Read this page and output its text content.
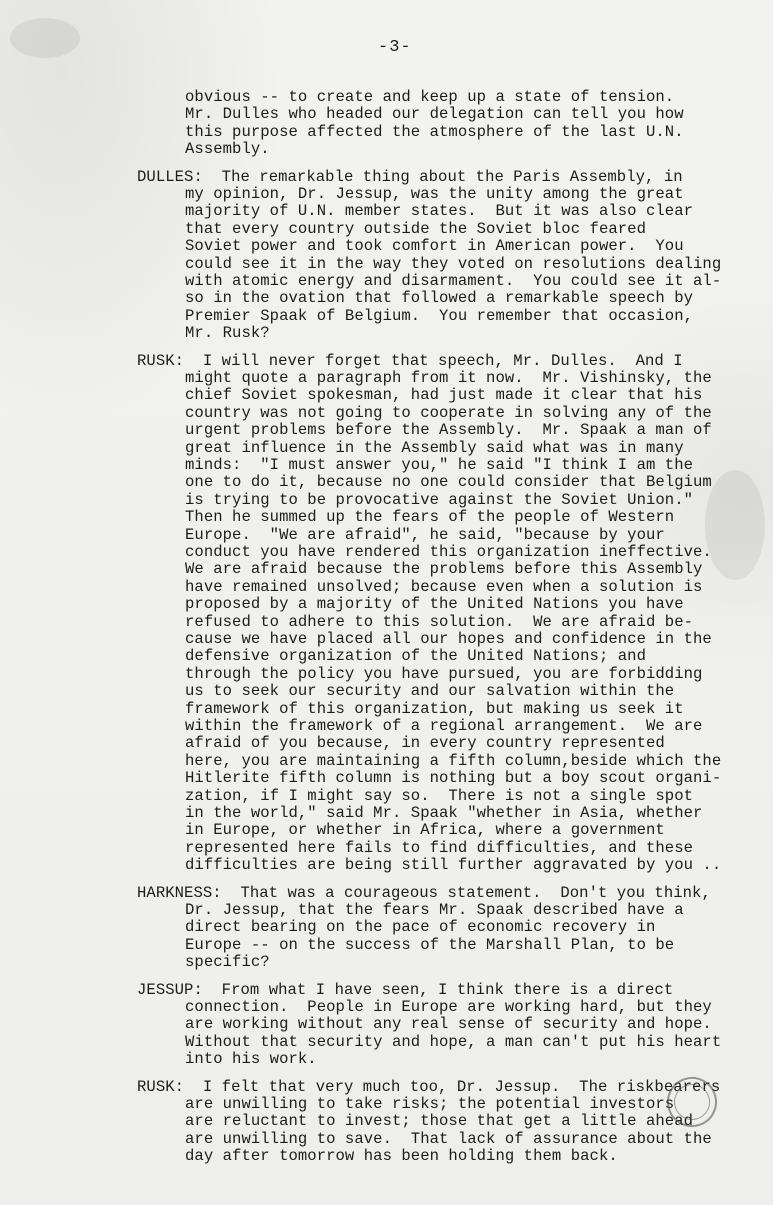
-3-
obvious -- to create and keep up a state of tension.
Mr. Dulles who headed our delegation can tell you how
this purpose affected the atmosphere of the last U.N.
Assembly.
DULLES:  The remarkable thing about the Paris Assembly, in
my opinion, Dr. Jessup, was the unity among the great
majority of U.N. member states.  But it was also clear
that every country outside the Soviet bloc feared
Soviet power and took comfort in American power.  You
could see it in the way they voted on resolutions dealing
with atomic energy and disarmament.  You could see it al-
so in the ovation that followed a remarkable speech by
Premier Spaak of Belgium.  You remember that occasion,
Mr. Rusk?
RUSK:  I will never forget that speech, Mr. Dulles.  And I
might quote a paragraph from it now.  Mr. Vishinsky, the
chief Soviet spokesman, had just made it clear that his
country was not going to cooperate in solving any of the
urgent problems before the Assembly.  Mr. Spaak a man of
great influence in the Assembly said what was in many
minds:  "I must answer you," he said "I think I am the
one to do it, because no one could consider that Belgium
is trying to be provocative against the Soviet Union."
Then he summed up the fears of the people of Western
Europe.  "We are afraid", he said, "because by your
conduct you have rendered this organization ineffective.
We are afraid because the problems before this Assembly
have remained unsolved; because even when a solution is
proposed by a majority of the United Nations you have
refused to adhere to this solution.  We are afraid be-
cause we have placed all our hopes and confidence in the
defensive organization of the United Nations; and
through the policy you have pursued, you are forbidding
us to seek our security and our salvation within the
framework of this organization, but making us seek it
within the framework of a regional arrangement.  We are
afraid of you because, in every country represented
here, you are maintaining a fifth column,beside which the
Hitlerite fifth column is nothing but a boy scout organi-
zation, if I might say so.  There is not a single spot
in the world," said Mr. Spaak "whether in Asia, whether
in Europe, or whether in Africa, where a government
represented here fails to find difficulties, and these
difficulties are being still further aggravated by you ..
HARKNESS:  That was a courageous statement.  Don't you think,
Dr. Jessup, that the fears Mr. Spaak described have a
direct bearing on the pace of economic recovery in
Europe -- on the success of the Marshall Plan, to be
specific?
JESSUP:  From what I have seen, I think there is a direct
connection.  People in Europe are working hard, but they
are working without any real sense of security and hope.
Without that security and hope, a man can't put his heart
into his work.
RUSK:  I felt that very much too, Dr. Jessup.  The riskbearers
are unwilling to take risks; the potential investors
are reluctant to invest; those that get a little ahead
are unwilling to save.  That lack of assurance about the
day after tomorrow has been holding them back.
